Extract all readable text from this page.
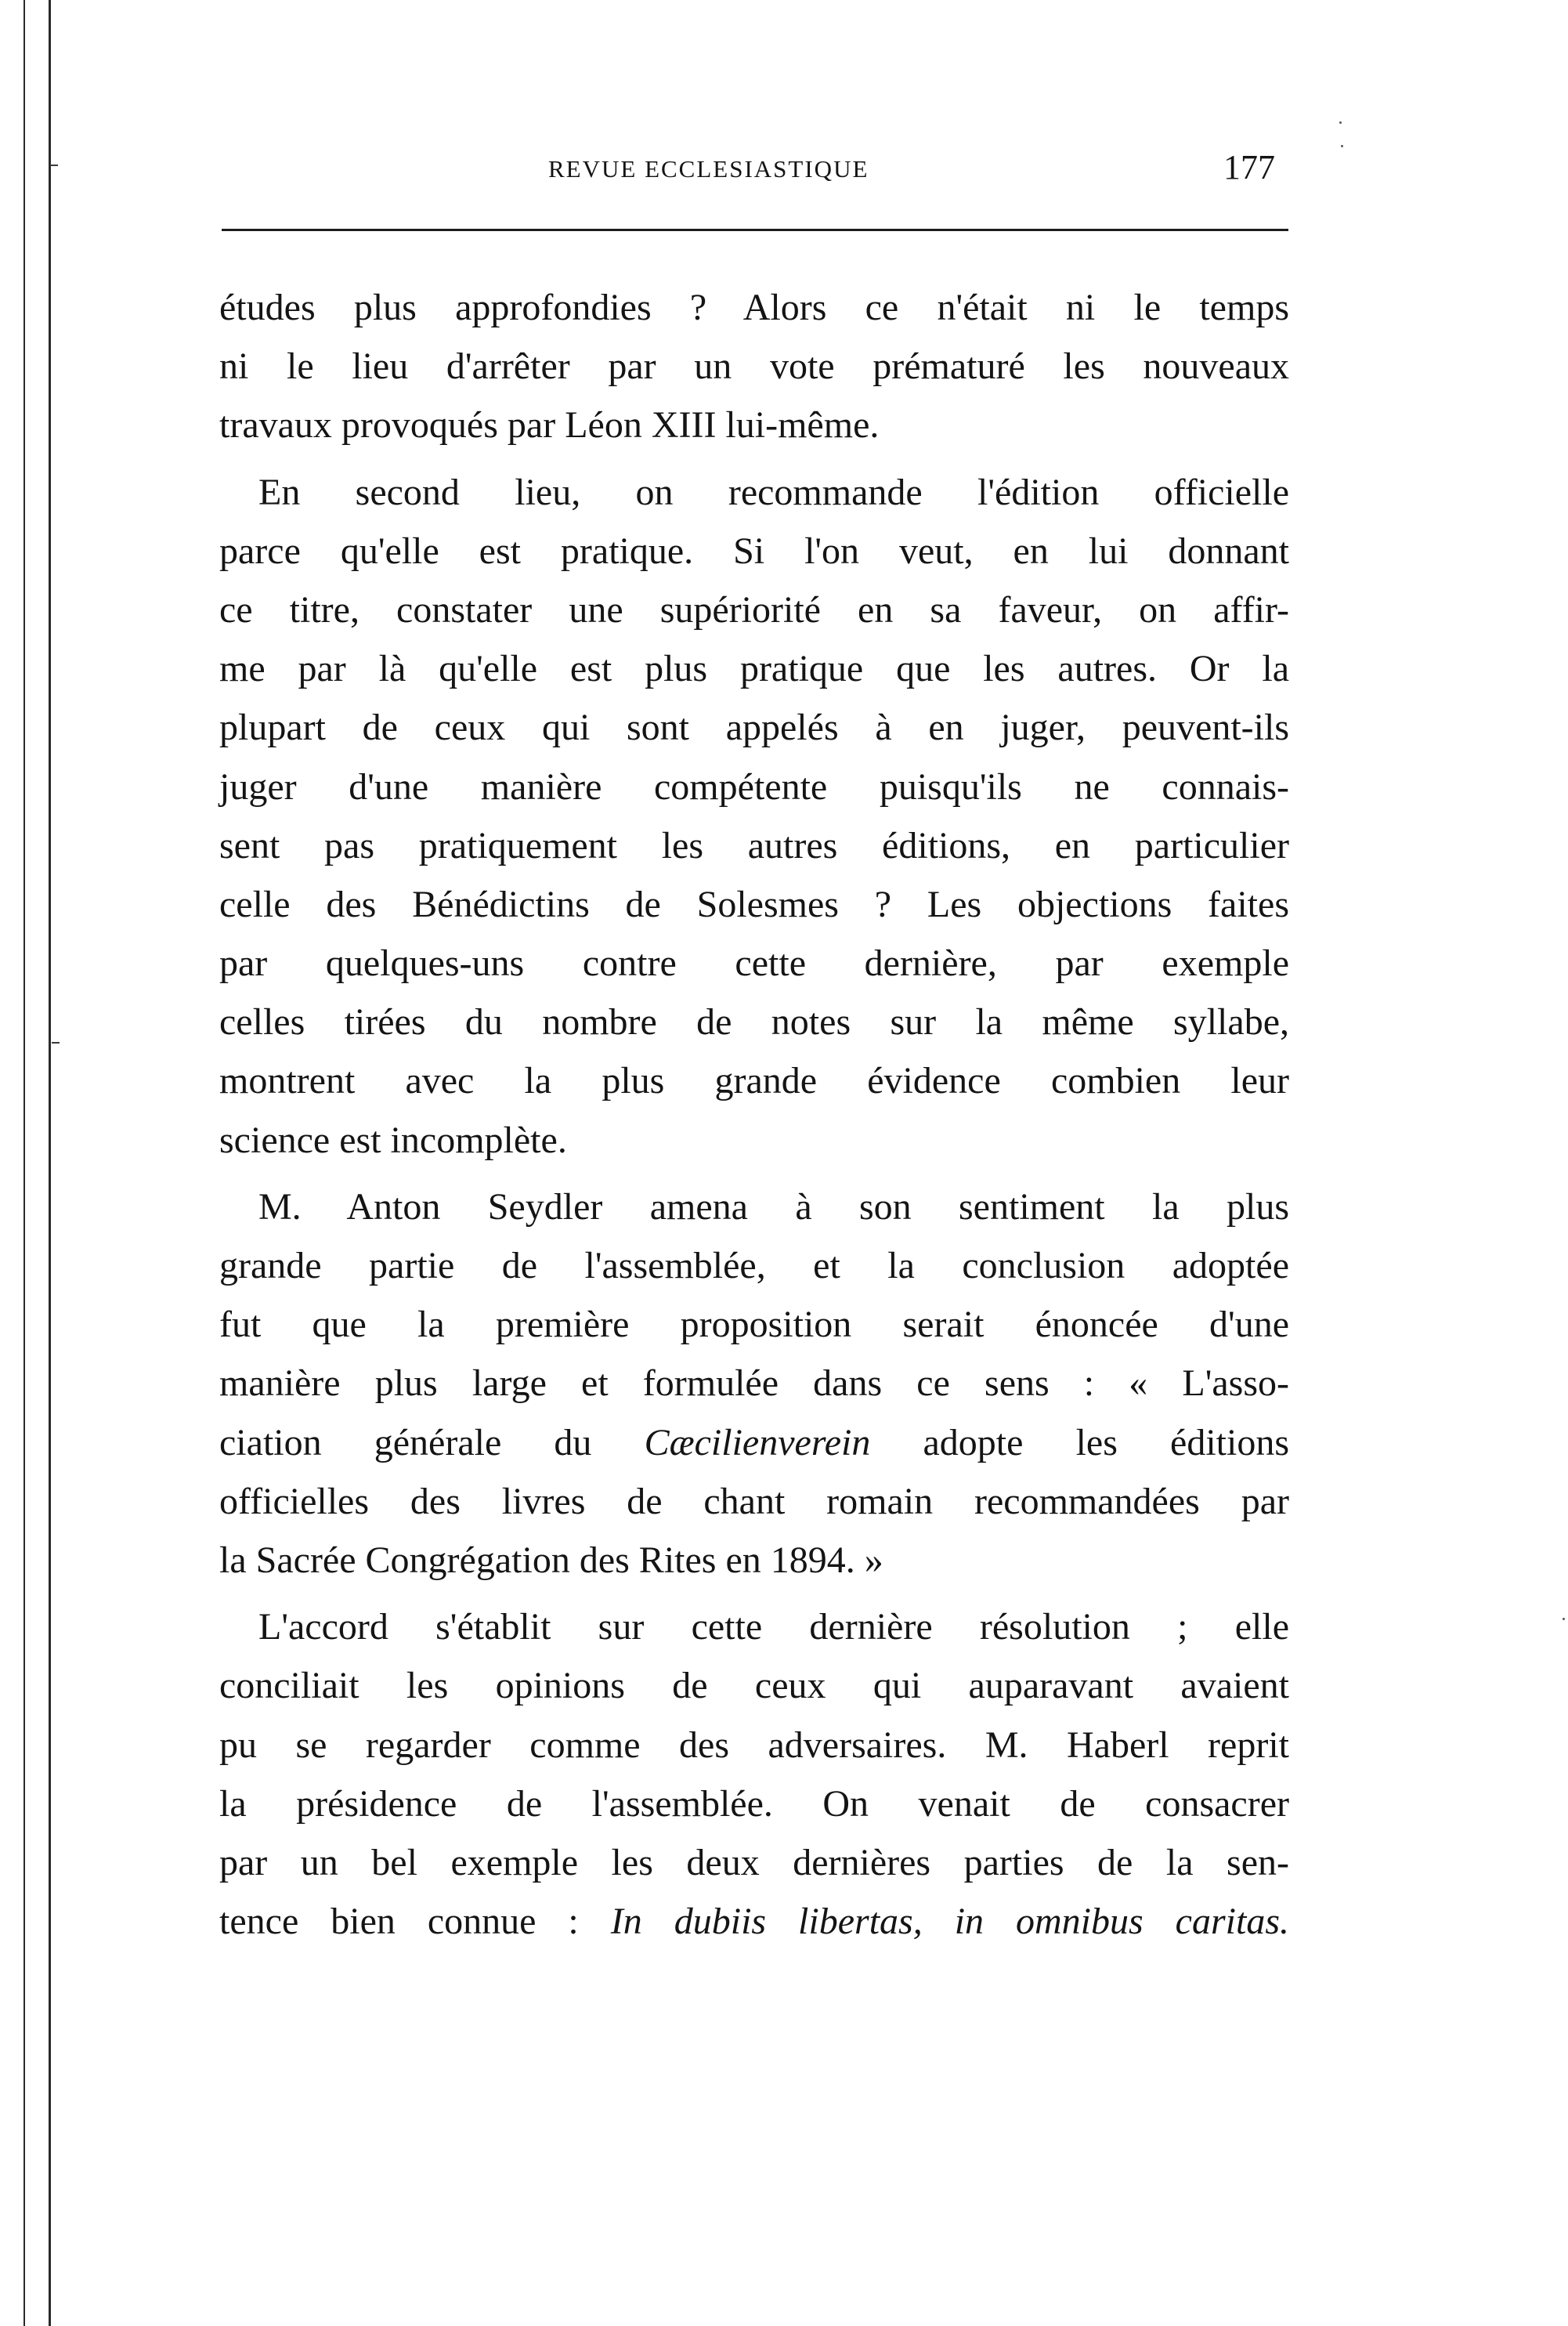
REVUE ECCLESIASTIQUE	177
études plus approfondies ? Alors ce n'était ni le temps
ni le lieu d'arrêter par un vote prématuré les nouveaux
travaux provoqués par Léon XIII lui-même.
En second lieu, on recommande l'édition officielle
parce qu'elle est pratique. Si l'on veut, en lui donnant
ce titre, constater une supériorité en sa faveur, on affir-
me par là qu'elle est plus pratique que les autres. Or la
plupart de ceux qui sont appelés à en juger, peuvent-ils
juger d'une manière compétente puisqu'ils ne connais-
sent pas pratiquement les autres éditions, en particulier
celle des Bénédictins de Solesmes ? Les objections faites
par quelques-uns contre cette dernière, par exemple
celles tirées du nombre de notes sur la même syllabe,
montrent avec la plus grande évidence combien leur
science est incomplète.
M. Anton Seydler amena à son sentiment la plus
grande partie de l'assemblée, et la conclusion adoptée
fut que la première proposition serait énoncée d'une
manière plus large et formulée dans ce sens : « L'asso-
ciation générale du Cæcilienverein adopte les éditions
officielles des livres de chant romain recommandées par
la Sacrée Congrégation des Rites en 1894. »
L'accord s'établit sur cette dernière résolution ; elle
conciliait les opinions de ceux qui auparavant avaient
pu se regarder comme des adversaires. M. Haberl reprit
la présidence de l'assemblée. On venait de consacrer
par un bel exemple les deux dernières parties de la sen-
tence bien connue : In dubiis libertas, in omnibus caritas.
